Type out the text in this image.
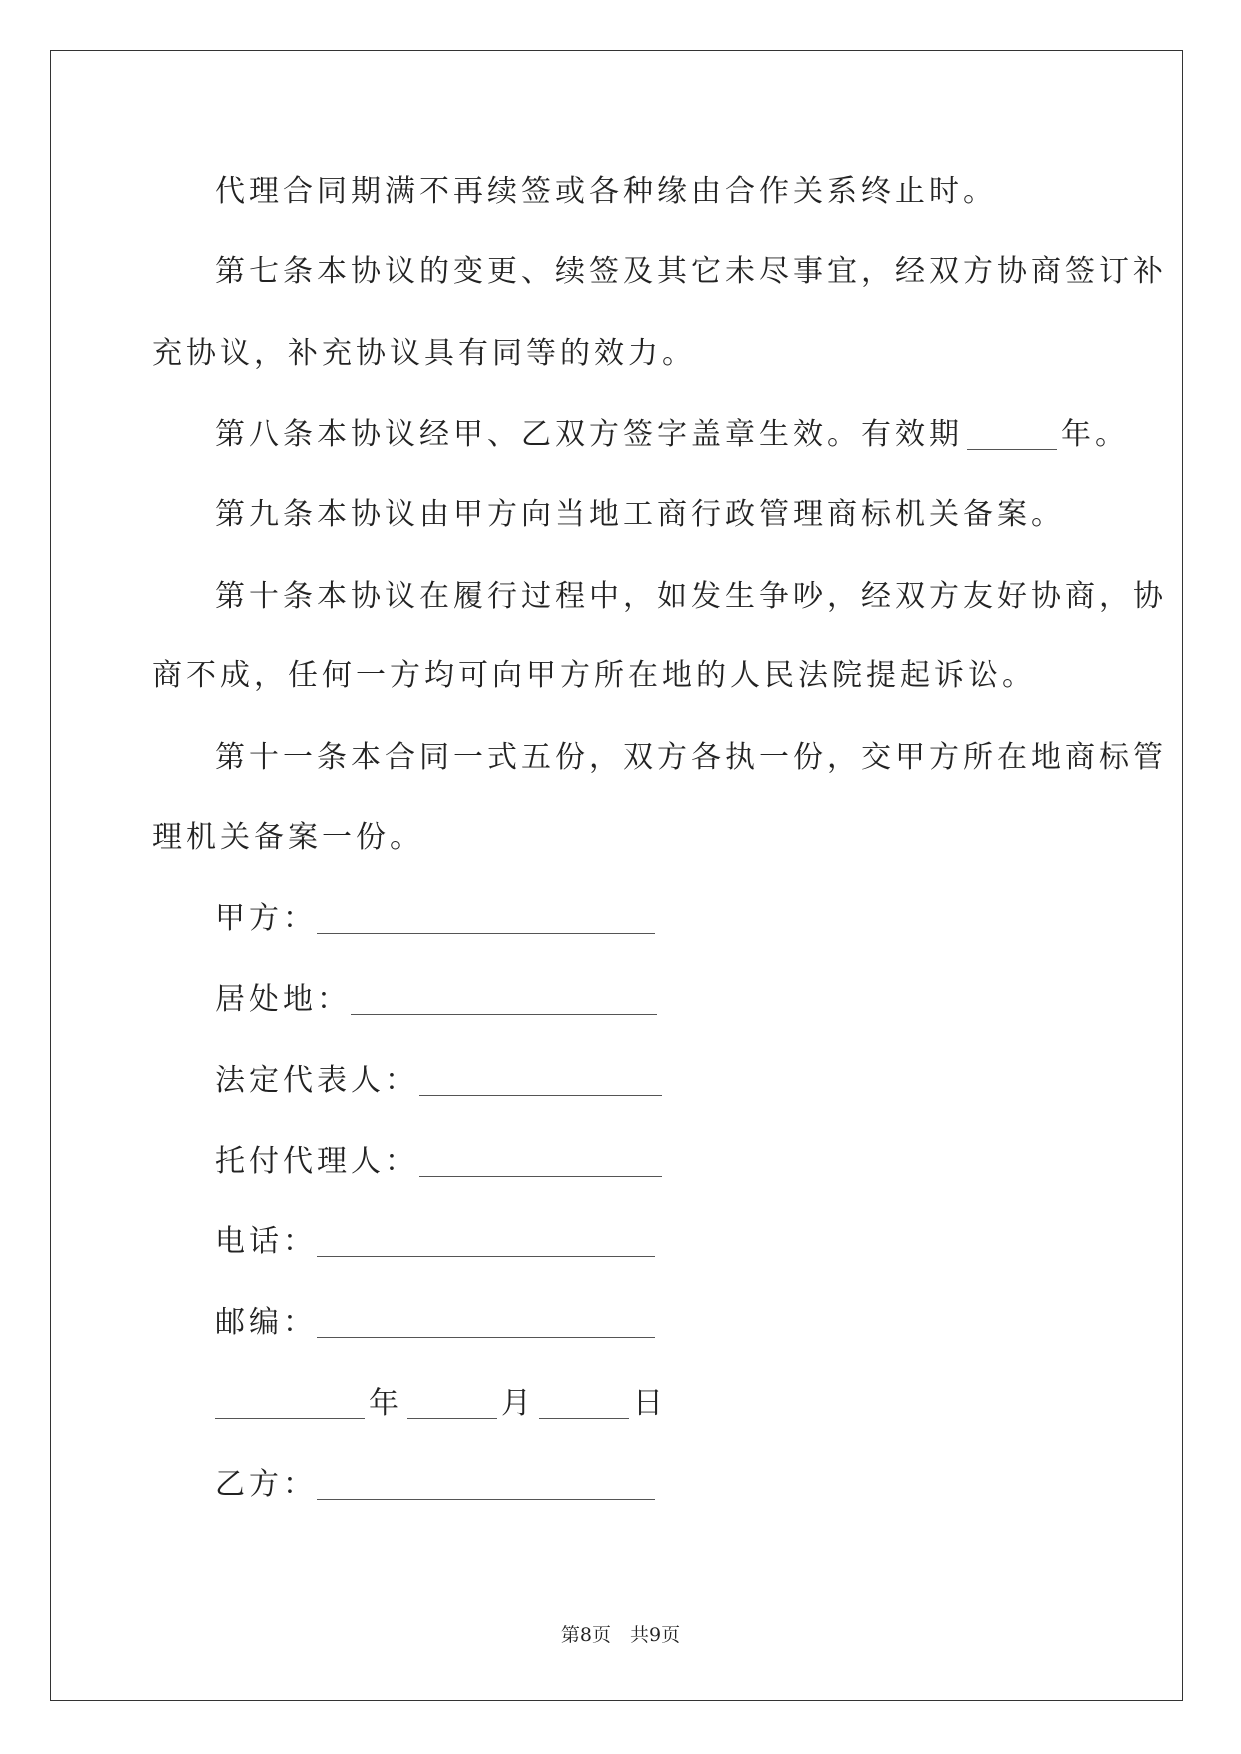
代理合同期满不再续签或各种缘由合作关系终止时。
第七条本协议的变更、续签及其它未尽事宜，经双方协商签订补
充协议，补充协议具有同等的效力。
第八条本协议经甲、乙双方签字盖章生效。有效期	年。
第九条本协议由甲方向当地工商行政管理商标机关备案。
第十条本协议在履行过程中，如发生争吵，经双方友好协商，协
商不成，任何一方均可向甲方所在地的人民法院提起诉讼。
第十一条本合同一式五份，双方各执一份，交甲方所在地商标管
理机关备案一份。
甲方：
居处地：
法定代表人：
托付代理人：
电话：
邮编：
年	月	日
乙方：
第8页　共9页
